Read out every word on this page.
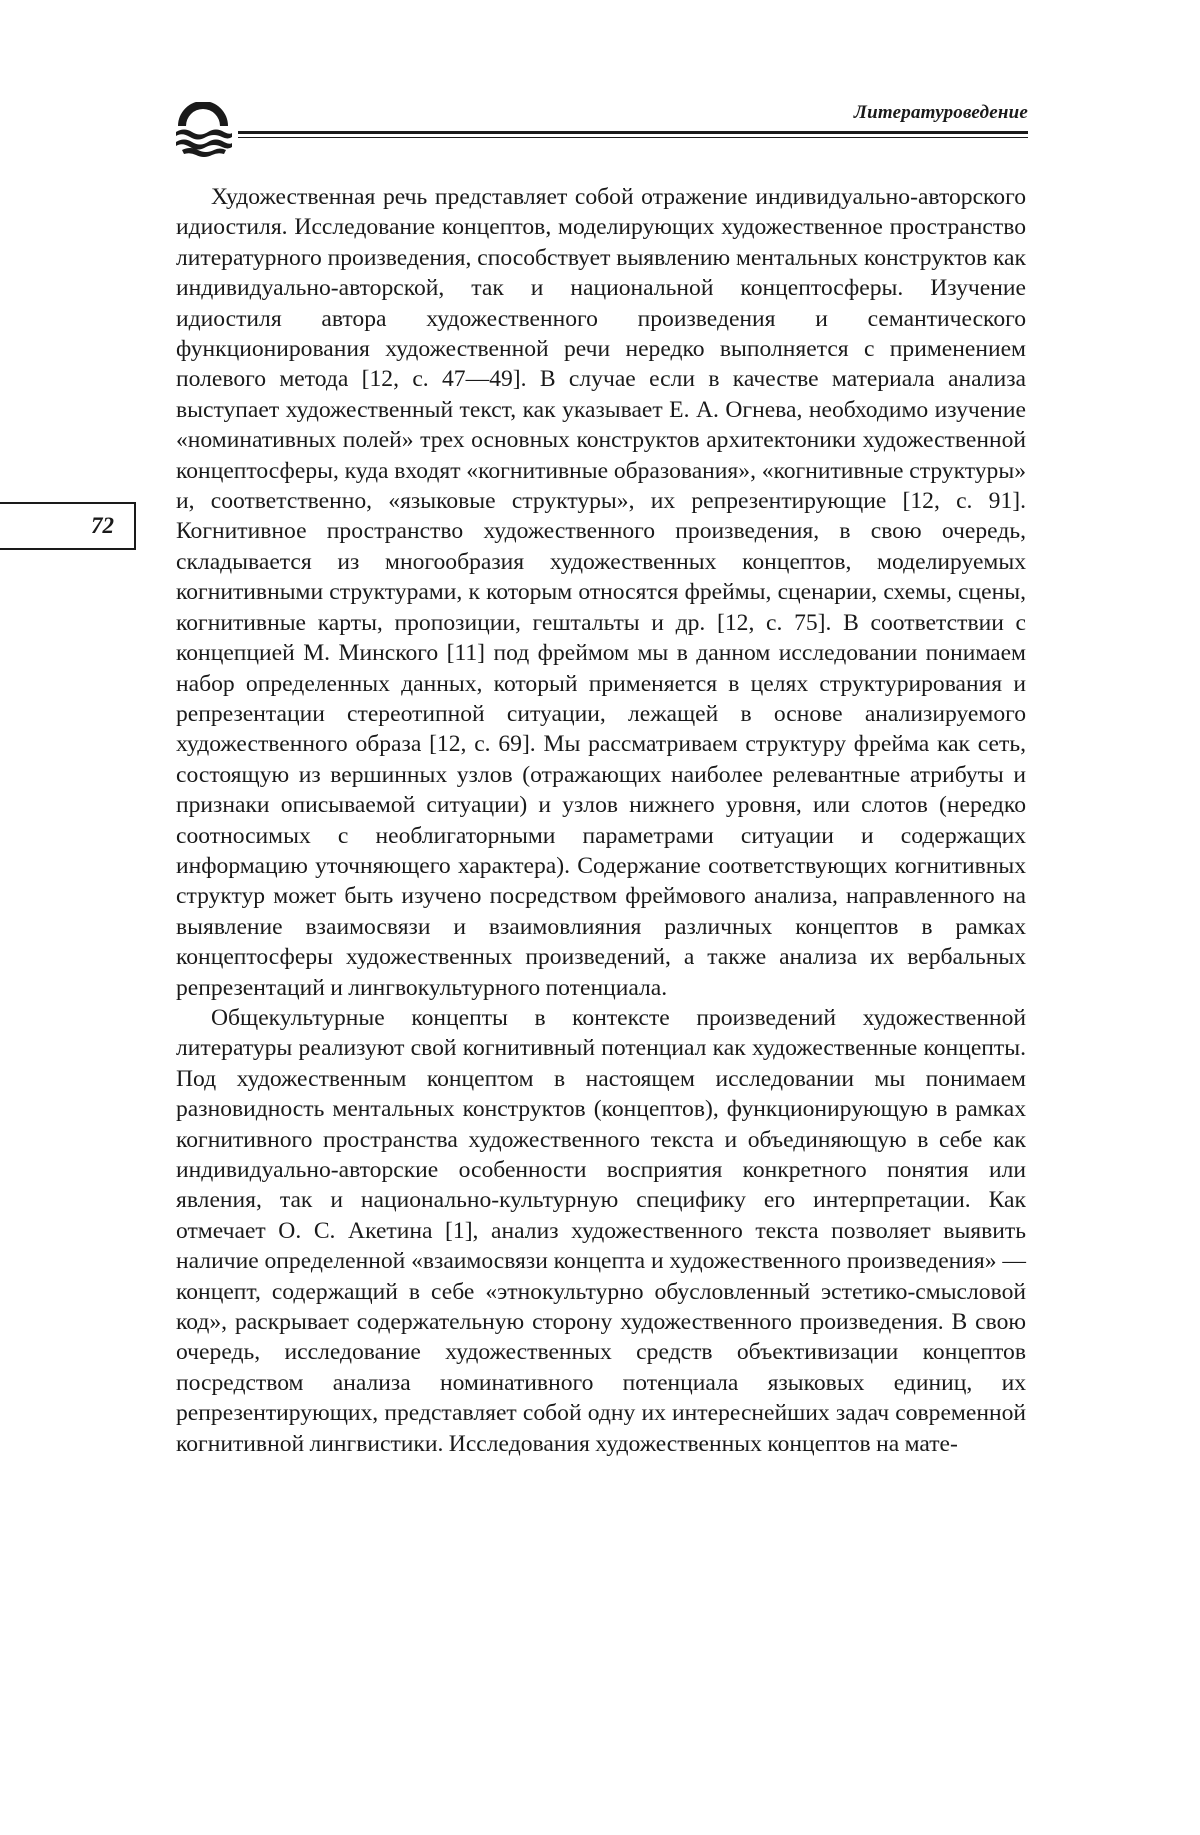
Литературоведение
72

Художественная речь представляет собой отражение индивидуально-авторского идиостиля. Исследование концептов, моделирующих художественное пространство литературного произведения, способствует выявлению ментальных конструктов как индивидуально-авторской, так и национальной концептосферы. Изучение идиостиля автора художественного произведения и семантического функционирования художественной речи нередко выполняется с применением полевого метода [12, с. 47—49]. В случае если в качестве материала анализа выступает художественный текст, как указывает Е. А. Огнева, необходимо изучение «номинативных полей» трех основных конструктов архитектоники художественной концептосферы, куда входят «когнитивные образования», «когнитивные структуры» и, соответственно, «языковые структуры», их репрезентирующие [12, с. 91]. Когнитивное пространство художественного произведения, в свою очередь, складывается из многообразия художественных концептов, моделируемых когнитивными структурами, к которым относятся фреймы, сценарии, схемы, сцены, когнитивные карты, пропозиции, гештальты и др. [12, с. 75]. В соответствии с концепцией М. Минского [11] под фреймом мы в данном исследовании понимаем набор определенных данных, который применяется в целях структурирования и репрезентации стереотипной ситуации, лежащей в основе анализируемого художественного образа [12, с. 69]. Мы рассматриваем структуру фрейма как сеть, состоящую из вершинных узлов (отражающих наиболее релевантные атрибуты и признаки описываемой ситуации) и узлов нижнего уровня, или слотов (нередко соотносимых с необлигаторными параметрами ситуации и содержащих информацию уточняющего характера). Содержание соответствующих когнитивных структур может быть изучено посредством фреймового анализа, направленного на выявление взаимосвязи и взаимовлияния различных концептов в рамках концептосферы художественных произведений, а также анализа их вербальных репрезентаций и лингвокультурного потенциала.

Общекультурные концепты в контексте произведений художественной литературы реализуют свой когнитивный потенциал как художественные концепты. Под художественным концептом в настоящем исследовании мы понимаем разновидность ментальных конструктов (концептов), функционирующую в рамках когнитивного пространства художественного текста и объединяющую в себе как индивидуально-авторские особенности восприятия конкретного понятия или явления, так и национально-культурную специфику его интерпретации. Как отмечает О. С. Акетина [1], анализ художественного текста позволяет выявить наличие определенной «взаимосвязи концепта и художественного произведения» — концепт, содержащий в себе «этнокультурно обусловленный эстетико-смысловой код», раскрывает содержательную сторону художественного произведения. В свою очередь, исследование художественных средств объективизации концептов посредством анализа номинативного потенциала языковых единиц, их репрезентирующих, представляет собой одну их интереснейших задач современной когнитивной лингвистики. Исследования художественных концептов на мате-
